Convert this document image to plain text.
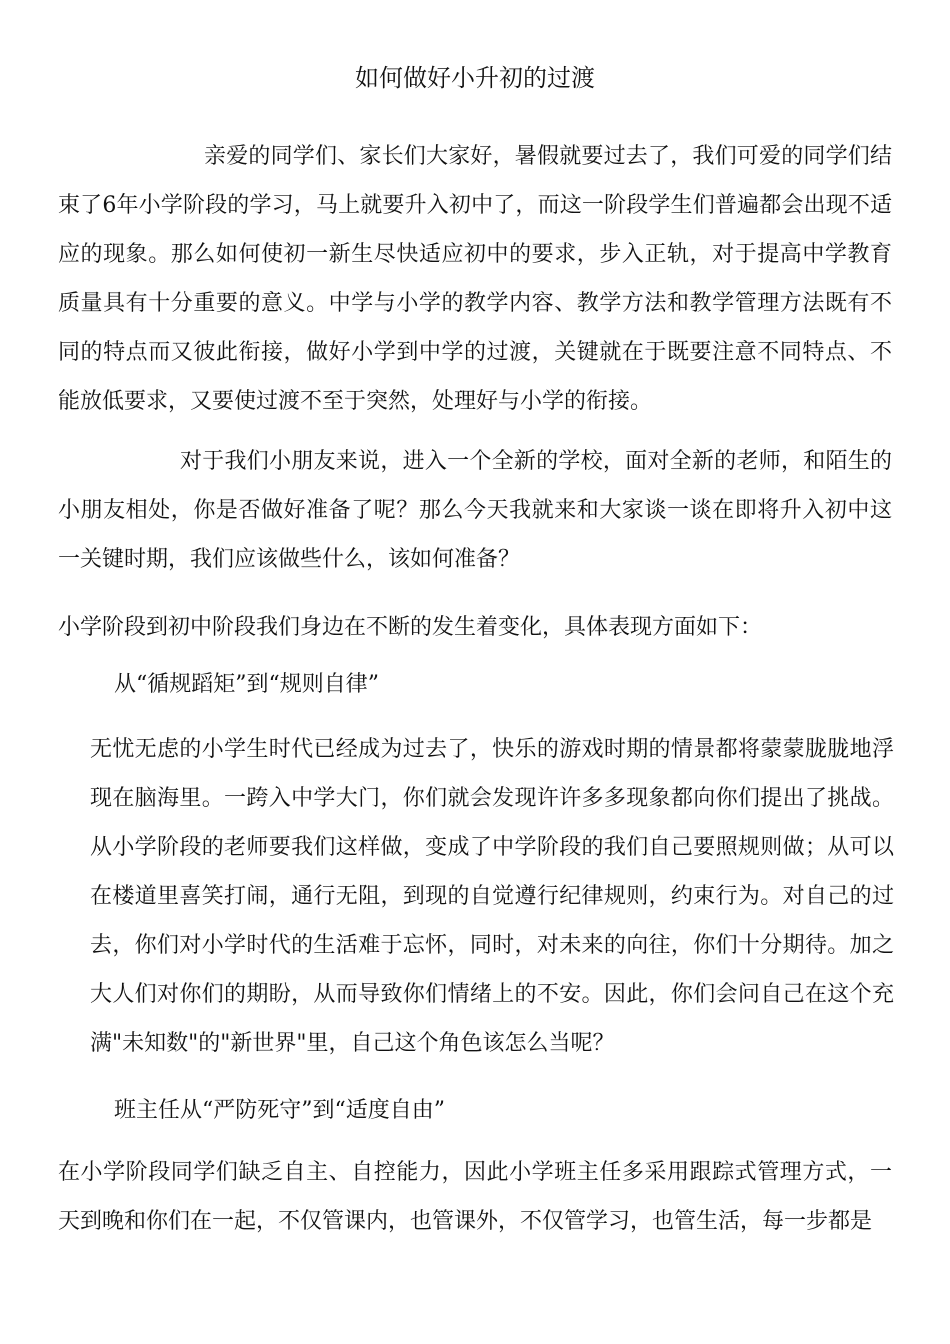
如何做好小升初的过渡

亲爱的同学们、家长们大家好，暑假就要过去了，我们可爱的同学们结束了6年小学阶段的学习，马上就要升入初中了，而这一阶段学生们普遍都会出现不适应的现象。那么如何使初一新生尽快适应初中的要求，步入正轨，对于提高中学教育质量具有十分重要的意义。中学与小学的教学内容、教学方法和教学管理方法既有不同的特点而又彼此衔接，做好小学到中学的过渡，关键就在于既要注意不同特点、不能放低要求，又要使过渡不至于突然，处理好与小学的衔接。

对于我们小朋友来说，进入一个全新的学校，面对全新的老师，和陌生的小朋友相处，你是否做好准备了呢？那么今天我就来和大家谈一谈在即将升入初中这一关键时期，我们应该做些什么，该如何准备？

小学阶段到初中阶段我们身边在不断的发生着变化，具体表现方面如下：

从“循规蹈矩”到“规则自律”

无忧无虑的小学生时代已经成为过去了，快乐的游戏时期的情景都将蒙蒙胧胧地浮现在脑海里。一跨入中学大门，你们就会发现许许多多现象都向你们提出了挑战。从小学阶段的老师要我们这样做，变成了中学阶段的我们自己要照规则做；从可以在楼道里喜笑打闹，通行无阻，到现的自觉遵行纪律规则，约束行为。对自己的过去，你们对小学时代的生活难于忘怀，同时，对未来的向往，你们十分期待。加之大人们对你们的期盼，从而导致你们情绪上的不安。因此，你们会问自己在这个充满"未知数"的"新世界"里，自己这个角色该怎么当呢？

班主任从“严防死守”到“适度自由”

在小学阶段同学们缺乏自主、自控能力，因此小学班主任多采用跟踪式管理方式，一天到晚和你们在一起，不仅管课内，也管课外，不仅管学习，也管生活，每一步都是
